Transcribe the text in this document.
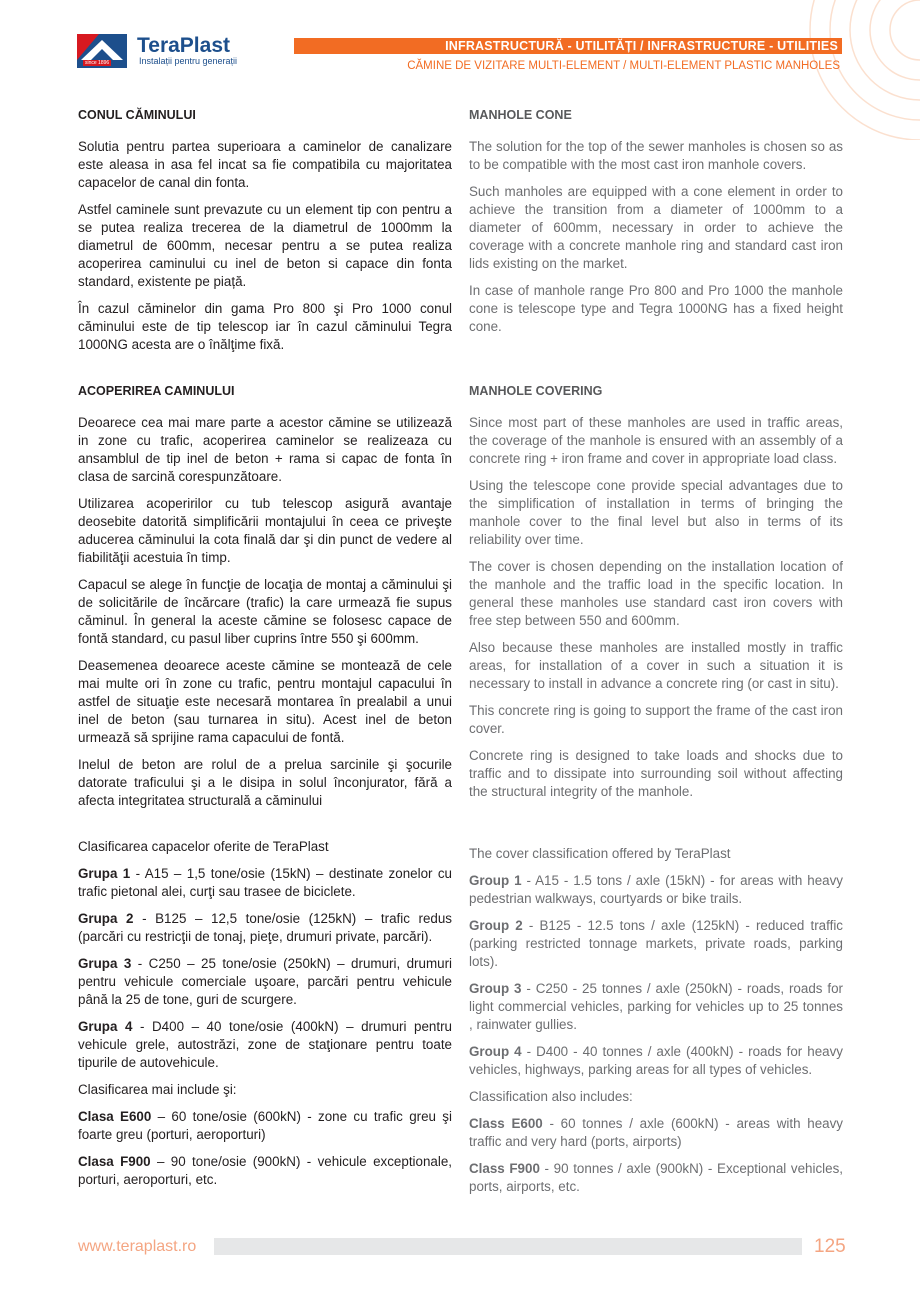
since 1896
TeraPlast
Instalații pentru generații
INFRASTRUCTURĂ - UTILITĂȚI / INFRASTRUCTURE - UTILITIES
CĂMINE DE VIZITARE MULTI-ELEMENT / MULTI-ELEMENT PLASTIC MANHOLES
CONUL CĂMINULUI

Solutia pentru partea superioara a caminelor de canalizare este aleasa in asa fel incat sa fie compatibila cu majoritatea capacelor de canal din fonta.

Astfel caminele sunt prevazute cu un element tip con pentru a se putea realiza trecerea de la diametrul de 1000mm la diametrul de 600mm, necesar pentru a se putea realiza acoperirea caminului cu inel de beton si capace din fonta standard, existente pe piață.

În cazul căminelor din gama Pro 800 şi Pro 1000 conul căminului este de tip telescop iar în cazul căminului Tegra 1000NG acesta are o înălţime fixă.

ACOPERIREA CAMINULUI

Deoarece cea mai mare parte a acestor cămine se utilizează in zone cu trafic, acoperirea caminelor se realizeaza cu ansamblul de tip inel de beton + rama si capac de fonta în clasa de sarcină corespunzătoare.

Utilizarea acoperirilor cu tub telescop asigură avantaje deosebite datorită simplificării montajului în ceea ce priveşte aducerea căminului la cota finală dar şi din punct de vedere al fiabilităţii acestuia în timp.

Capacul se alege în funcţie de locaţia de montaj a căminului şi de solicitările de încărcare (trafic) la care urmează fie supus căminul. În general la aceste cămine se folosesc capace de fontă standard, cu pasul liber cuprins între 550 şi 600mm.

Deasemenea deoarece aceste cămine se montează de cele mai multe ori în zone cu trafic, pentru montajul capacului în astfel de situaţie este necesară montarea în prealabil a unui inel de beton (sau turnarea in situ). Acest inel de beton urmează să sprijine rama capacului de fontă.

Inelul de beton are rolul de a prelua sarcinile şi şocurile datorate traficului şi a le disipa in solul înconjurator, fără a afecta integritatea structurală a căminului

Clasificarea capacelor oferite de TeraPlast

Grupa 1 - A15 – 1,5 tone/osie (15kN) – destinate zonelor cu trafic pietonal alei, curţi sau trasee de biciclete.

Grupa 2 - B125 – 12,5 tone/osie (125kN) – trafic redus (parcări cu restricţii de tonaj, pieţe, drumuri private, parcări).

Grupa 3 - C250 – 25 tone/osie (250kN) – drumuri, drumuri pentru vehicule comerciale uşoare, parcări pentru vehicule până la 25 de tone, guri de scurgere.

Grupa 4 - D400 – 40 tone/osie (400kN) – drumuri pentru vehicule grele, autostrăzi, zone de staţionare pentru toate tipurile de autovehicule.

Clasificarea mai include şi:

Clasa E600 – 60 tone/osie (600kN) - zone cu trafic greu şi foarte greu (porturi, aeroporturi)

Clasa F900 – 90 tone/osie (900kN) - vehicule exceptionale, porturi, aeroporturi, etc.

MANHOLE CONE

The solution for the top of the sewer manholes is chosen so as to be compatible with the most cast iron manhole covers.

Such manholes are equipped with a cone element in order to achieve the transition from a diameter of 1000mm to a diameter of 600mm, necessary in order to achieve the coverage with a concrete manhole ring and standard cast iron lids existing on the market.

In case of manhole range Pro 800 and Pro 1000 the manhole cone is telescope type and Tegra 1000NG has a fixed height cone.

MANHOLE COVERING

Since most part of these manholes are used in traffic areas, the coverage of the manhole is ensured with an assembly of a concrete ring + iron frame and cover in appropriate load class.

Using the telescope cone provide special advantages due to the simplification of installation in terms of bringing the manhole cover to the final level but also in terms of its reliability over time.

The cover is chosen depending on the installation location of the manhole and the traffic load in the specific location. In general these manholes use standard cast iron covers with free step between 550 and 600mm.

Also because these manholes are installed mostly in traffic areas, for installation of a cover in such a situation it is necessary to install in advance a concrete ring (or cast in situ).

This concrete ring is going to support the frame of the cast iron cover.

Concrete ring is designed to take loads and shocks due to traffic and to dissipate into surrounding soil without affecting the structural integrity of the manhole.

The cover classification offered by TeraPlast

Group 1 - A15 - 1.5 tons / axle (15kN) - for areas with heavy pedestrian walkways, courtyards or bike trails.

Group 2 - B125 - 12.5 tons / axle (125kN) - reduced traffic (parking restricted tonnage markets, private roads, parking lots).

Group 3 - C250 - 25 tonnes / axle (250kN) - roads, roads for light commercial vehicles, parking for vehicles up to 25 tonnes , rainwater gullies.

Group 4 - D400 - 40 tonnes / axle (400kN) - roads for heavy vehicles, highways, parking areas for all types of vehicles.

Classification also includes:

Class E600 - 60 tonnes / axle (600kN) - areas with heavy traffic and very hard (ports, airports)

Class F900 - 90 tonnes / axle (900kN) - Exceptional vehicles, ports, airports, etc.

www.teraplast.ro	125
